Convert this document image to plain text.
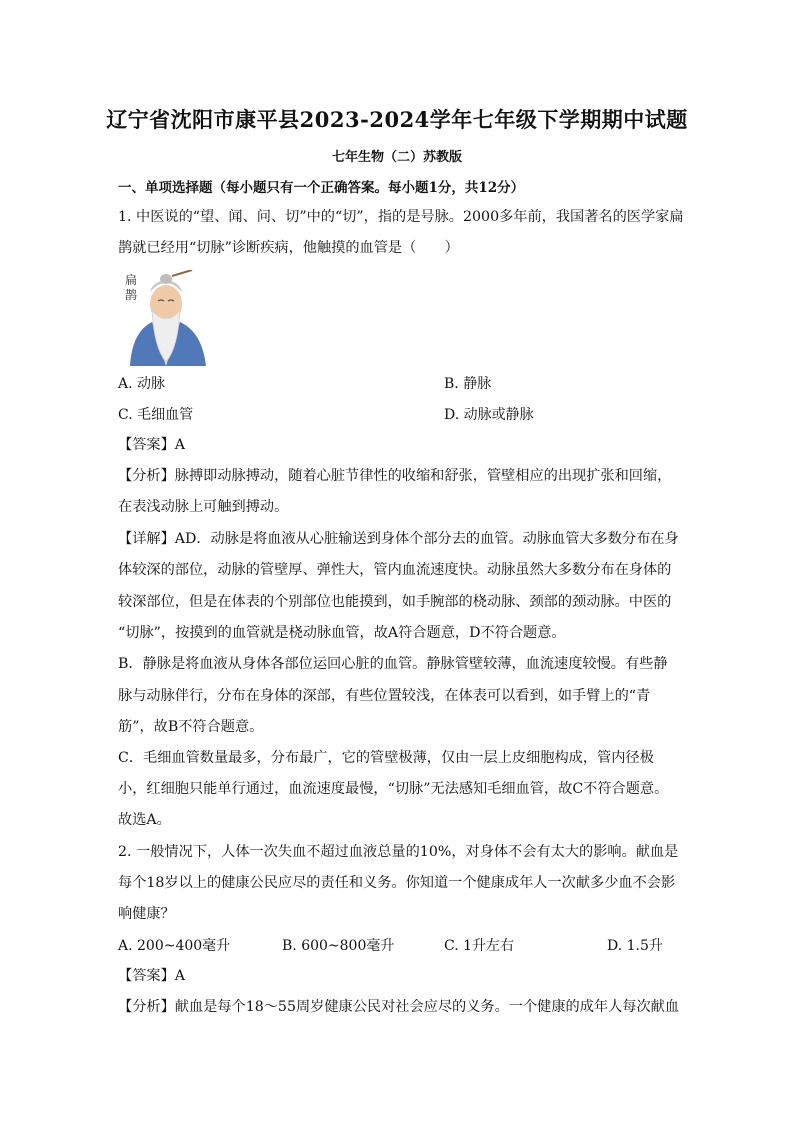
辽宁省沈阳市康平县2023-2024学年七年级下学期期中试题
七年生物（二）苏教版
一、单项选择题（每小题只有一个正确答案。每小题1分，共12分）
1. 中医说的“望、闻、问、切”中的“切”，指的是号脉。2000多年前，我国著名的医学家扁
鹊就已经用“切脉”诊断疾病，他触摸的血管是（　　）
扁鹊
A. 动脉	B. 静脉
C. 毛细血管	D. 动脉或静脉
【答案】A
【分析】脉搏即动脉搏动，随着心脏节律性的收缩和舒张，管壁相应的出现扩张和回缩，
在表浅动脉上可触到搏动。
【详解】AD．动脉是将血液从心脏输送到身体个部分去的血管。动脉血管大多数分布在身
体较深的部位，动脉的管壁厚、弹性大，管内血流速度快。动脉虽然大多数分布在身体的
较深部位，但是在体表的个别部位也能摸到，如手腕部的桡动脉、颈部的颈动脉。中医的
“切脉”，按摸到的血管就是桡动脉血管，故A符合题意，D不符合题意。
B．静脉是将血液从身体各部位运回心脏的血管。静脉管壁较薄，血流速度较慢。有些静
脉与动脉伴行，分布在身体的深部，有些位置较浅，在体表可以看到，如手臂上的“青
筋”，故B不符合题意。
C．毛细血管数量最多，分布最广，它的管壁极薄，仅由一层上皮细胞构成，管内径极
小，红细胞只能单行通过，血流速度最慢，“切脉”无法感知毛细血管，故C不符合题意。
故选A。
2. 一般情况下，人体一次失血不超过血液总量的10%，对身体不会有太大的影响。献血是
每个18岁以上的健康公民应尽的责任和义务。你知道一个健康成年人一次献多少血不会影
响健康？
A. 200~400毫升	B. 600~800毫升	C. 1升左右	D. 1.5升
【答案】A
【分析】献血是每个18～55周岁健康公民对社会应尽的义务。一个健康的成年人每次献血
